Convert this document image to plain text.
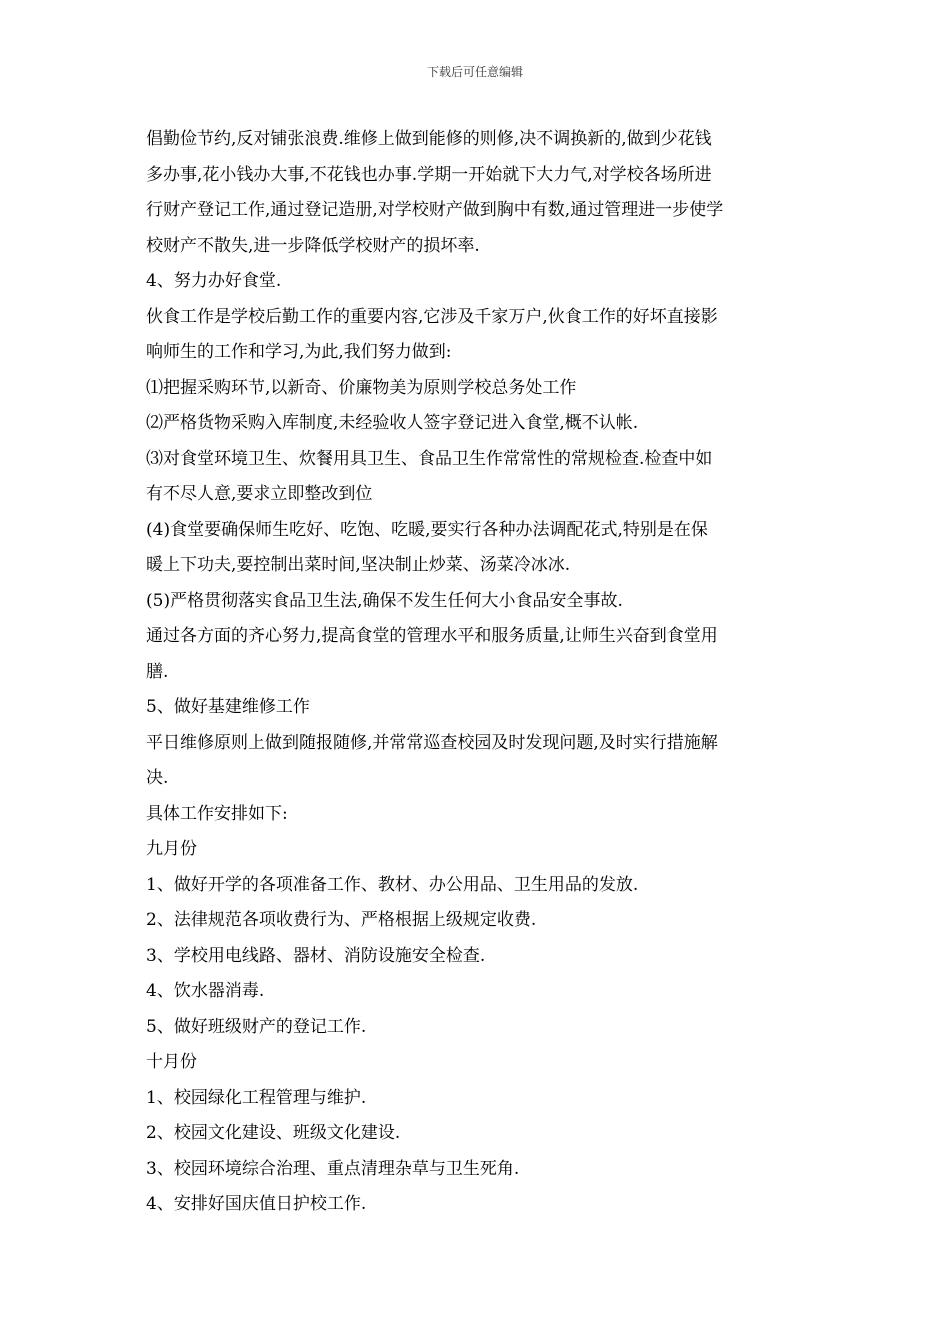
下载后可任意编辑
倡勤俭节约,反对铺张浪费.维修上做到能修的则修,决不调换新的,做到少花钱
多办事,花小钱办大事,不花钱也办事.学期一开始就下大力气,对学校各场所进
行财产登记工作,通过登记造册,对学校财产做到胸中有数,通过管理进一步使学
校财产不散失,进一步降低学校财产的损坏率.
4、努力办好食堂.
伙食工作是学校后勤工作的重要内容,它涉及千家万户,伙食工作的好坏直接影
响师生的工作和学习,为此,我们努力做到:
⑴把握采购环节,以新奇、价廉物美为原则学校总务处工作
⑵严格货物采购入库制度,未经验收人签字登记进入食堂,概不认帐.
⑶对食堂环境卫生、炊餐用具卫生、食品卫生作常常性的常规检查.检查中如
有不尽人意,要求立即整改到位
(4)食堂要确保师生吃好、吃饱、吃暖,要实行各种办法调配花式,特别是在保
暖上下功夫,要控制出菜时间,坚决制止炒菜、汤菜冷冰冰.
(5)严格贯彻落实食品卫生法,确保不发生任何大小食品安全事故.
通过各方面的齐心努力,提高食堂的管理水平和服务质量,让师生兴奋到食堂用
膳.
5、做好基建维修工作
平日维修原则上做到随报随修,并常常巡查校园及时发现问题,及时实行措施解
决.
具体工作安排如下:
九月份
1、做好开学的各项准备工作、教材、办公用品、卫生用品的发放.
2、法律规范各项收费行为、严格根据上级规定收费.
3、学校用电线路、器材、消防设施安全检查.
4、饮水器消毒.
5、做好班级财产的登记工作.
十月份
1、校园绿化工程管理与维护.
2、校园文化建设、班级文化建设.
3、校园环境综合治理、重点清理杂草与卫生死角.
4、安排好国庆值日护校工作.
